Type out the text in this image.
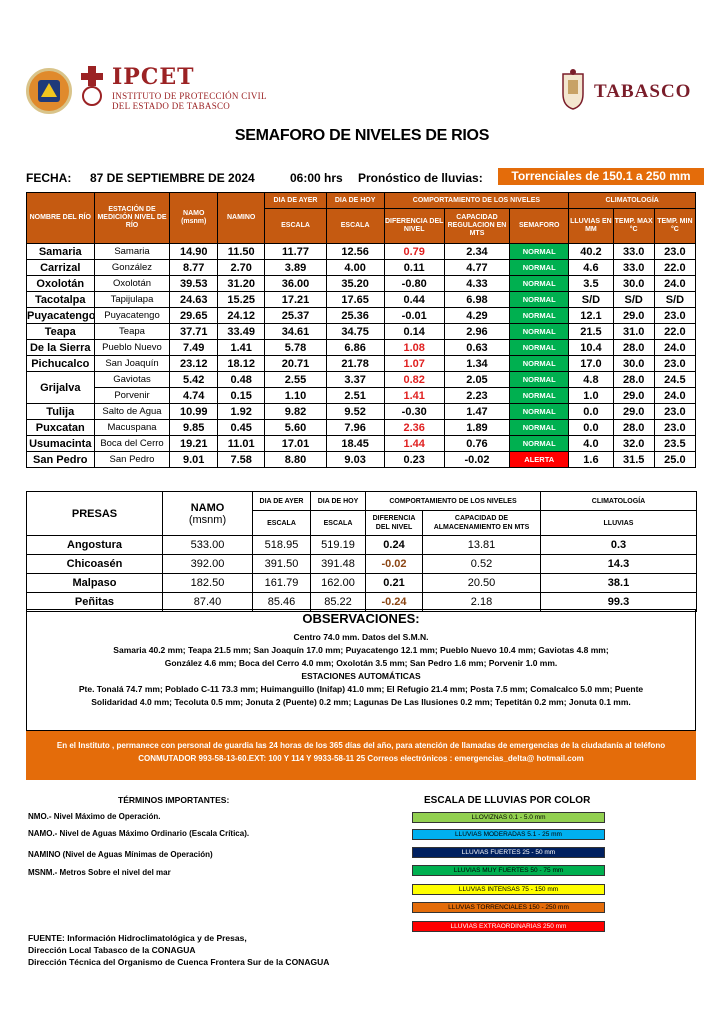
IPCET
INSTITUTO DE PROTECCIÓN CIVIL
DEL ESTADO DE TABASCO
TABASCO
SEMAFORO DE NIVELES DE RIOS
FECHA: 87 DE SEPTIEMBRE DE 2024	06:00 hrs Pronóstico de lluvias:	Torrenciales de 150.1 a 250 mm
NOMBRE DEL RÍO	ESTACIÓN DE MEDICIÓN NIVEL DE RÍO	NAMO (msnm)	NAMINO	DIA DE AYER	DIA DE HOY	COMPORTAMIENTO DE LOS NIVELES			CLIMATOLOGÍA		
				ESCALA	ESCALA	DIFERENCIA DEL NIVEL	CAPACIDAD REGULACION EN MTS	SEMAFORO	LLUVIAS EN MM	TEMP. MAX °C	TEMP. MIN °C
Samaria	Samaria	14.90	11.50	11.77	12.56	0.79	2.34	NORMAL	40.2	33.0	23.0
Carrizal	González	8.77	2.70	3.89	4.00	0.11	4.77	NORMAL	4.6	33.0	22.0
Oxolotán	Oxolotán	39.53	31.20	36.00	35.20	-0.80	4.33	NORMAL	3.5	30.0	24.0
Tacotalpa	Tapijulapa	24.63	15.25	17.21	17.65	0.44	6.98	NORMAL	S/D	S/D	S/D
Puyacatengo	Puyacatengo	29.65	24.12	25.37	25.36	-0.01	4.29	NORMAL	12.1	29.0	23.0
Teapa	Teapa	37.71	33.49	34.61	34.75	0.14	2.96	NORMAL	21.5	31.0	22.0
De la Sierra	Pueblo Nuevo	7.49	1.41	5.78	6.86	1.08	0.63	NORMAL	10.4	28.0	24.0
Pichucalco	San Joaquín	23.12	18.12	20.71	21.78	1.07	1.34	NORMAL	17.0	30.0	23.0
Grijalva	Gaviotas	5.42	0.48	2.55	3.37	0.82	2.05	NORMAL	4.8	28.0	24.5
	Porvenir	4.74	0.15	1.10	2.51	1.41	2.23	NORMAL	1.0	29.0	24.0
Tulija	Salto de Agua	10.99	1.92	9.82	9.52	-0.30	1.47	NORMAL	0.0	29.0	23.0
Puxcatan	Macuspana	9.85	0.45	5.60	7.96	2.36	1.89	NORMAL	0.0	28.0	23.0
Usumacinta	Boca del Cerro	19.21	11.01	17.01	18.45	1.44	0.76	NORMAL	4.0	32.0	23.5
San Pedro	San Pedro	9.01	7.58	8.80	9.03	0.23	-0.02	ALERTA	1.6	31.5	25.0
PRESAS	NAMO
(msnm)	DIA DE AYER	DIA DE HOY	COMPORTAMIENTO DE LOS NIVELES		CLIMATOLOGÍA
		ESCALA	ESCALA	DIFERENCIA DEL NIVEL	CAPACIDAD DE ALMACENAMIENTO EN MTS	LLUVIAS
Angostura	533.00	518.95	519.19	0.24	13.81	0.3
Chicoasén	392.00	391.50	391.48	-0.02	0.52	14.3
Malpaso	182.50	161.79	162.00	0.21	20.50	38.1
Peñitas	87.40	85.46	85.22	-0.24	2.18	99.3
OBSERVACIONES:
Centro 74.0 mm. Datos del S.M.N.
Samaria 40.2 mm; Teapa 21.5 mm; San Joaquín 17.0 mm; Puyacatengo 12.1 mm; Pueblo Nuevo 10.4 mm; Gaviotas 4.8 mm;
González 4.6 mm; Boca del Cerro 4.0 mm; Oxolotán 3.5 mm; San Pedro 1.6 mm; Porvenir 1.0 mm.
ESTACIONES AUTOMÁTICAS
Pte. Tonalá 74.7 mm; Poblado C-11 73.3 mm; Huimanguillo (Inifap) 41.0 mm; El Refugio 21.4 mm; Posta 7.5 mm; Comalcalco 5.0 mm; Puente
Solidaridad 4.0 mm; Tecoluta 0.5 mm; Jonuta 2 (Puente) 0.2 mm; Lagunas De Las Ilusiones 0.2 mm; Tepetitán 0.2 mm; Jonuta 0.1 mm.
En el Instituto , permanece con personal de guardia las 24 horas de los 365 días del año, para atención de llamadas de emergencias de la ciudadanía al teléfono
CONMUTADOR 993-58-13-60.EXT: 100 Y 114 Y 9933-58-11 25 Correos electrónicos : emergencias_delta@ hotmail.com
TÉRMINOS IMPORTANTES:
NMO.- Nivel Máximo de Operación.
NAMO.- Nivel de Aguas Máximo Ordinario (Escala Crítica).
NAMINO (Nivel de Aguas Mínimas de Operación)
MSNM.- Metros Sobre el nivel del mar
ESCALA DE LLUVIAS POR COLOR
LLOVIZNAS 0.1 - 5.0 mm
LLUVIAS MODERADAS 5.1 - 25 mm
LLUVIAS FUERTES 25 - 50 mm
LLUVIAS MUY FUERTES 50 - 75 mm
LLUVIAS INTENSAS 75 - 150 mm
LLUVIAS TORRENCIALES 150 - 250 mm
LLUVIAS EXTRAORDINARIAS 250 mm
FUENTE: Información Hidroclimatológica y de Presas,
Dirección Local Tabasco de la CONAGUA
Dirección Técnica del Organismo de Cuenca Frontera Sur de la CONAGUA
